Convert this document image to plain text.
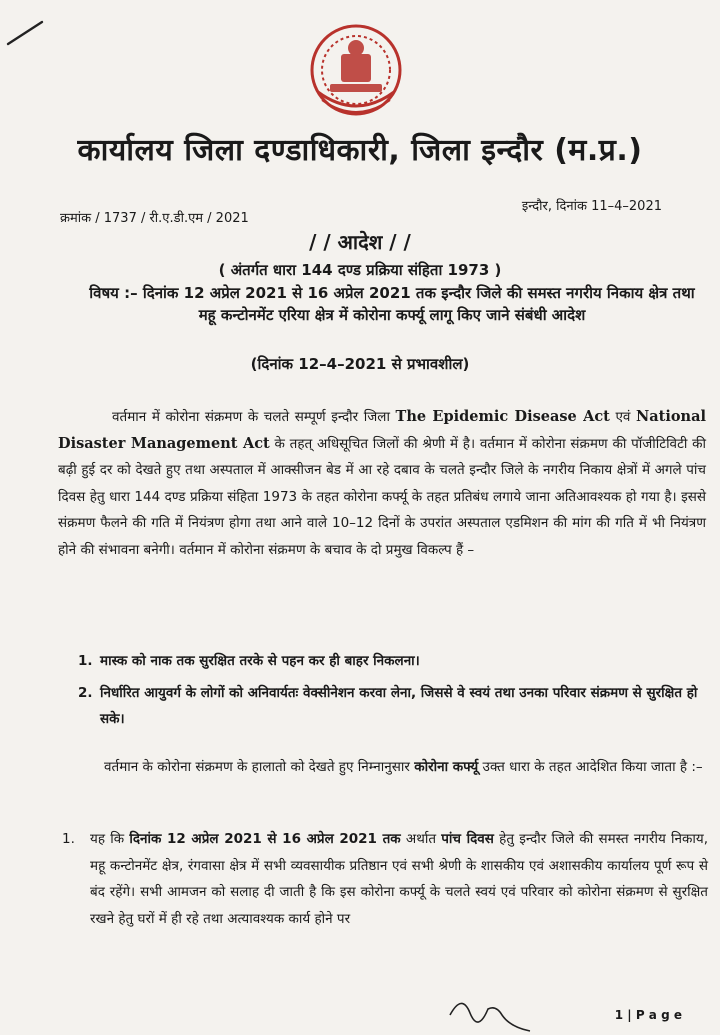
कार्यालय जिला दण्डाधिकारी, जिला इन्दौर (म.प्र.)
इन्दौर, दिनांक 11–4–2021
क्रमांक / 1737 / री.ए.डी.एम / 2021
/ / आदेश / /
( अंतर्गत धारा 144 दण्ड प्रक्रिया संहिता 1973 )
विषय :– दिनांक 12 अप्रेल 2021 से 16 अप्रेल 2021 तक इन्दौर जिले की समस्त नगरीय निकाय क्षेत्र तथा महू कन्टोनमेंट एरिया क्षेत्र में कोरोना कर्फ्यू लागू किए जाने संबंधी आदेश
(दिनांक 12–4–2021 से प्रभावशील)
वर्तमान में कोरोना संक्रमण के चलते सम्पूर्ण इन्दौर जिला The Epidemic Disease Act एवं National Disaster Management Act के तहत् अधिसूचित जिलों की श्रेणी में है। वर्तमान में कोरोना संक्रमण की पॉजीटिविटी की बढ़ी हुई दर को देखते हुए तथा अस्पताल में आक्सीजन बेड में आ रहे दबाव के चलते इन्दौर जिले के नगरीय निकाय क्षेत्रों में अगले पांच दिवस हेतु धारा 144 दण्ड प्रक्रिया संहिता 1973 के तहत कोरोना कर्फ्यू के तहत प्रतिबंध लगाये जाना अतिआवश्यक हो गया है। इससे संक्रमण फैलने की गति में नियंत्रण होगा तथा आने वाले 10–12 दिनों के उपरांत अस्पताल एडमिशन की मांग की गति में भी नियंत्रण होने की संभावना बनेगी। वर्तमान में कोरोना संक्रमण के बचाव के दो प्रमुख विकल्प हैं –
1. मास्क को नाक तक सुरक्षित तरके से पहन कर ही बाहर निकलना।
2. निर्धारित आयुवर्ग के लोगों को अनिवार्यतः वेक्सीनेशन करवा लेना, जिससे वे स्वयं तथा उनका परिवार संक्रमण से सुरक्षित हो सके।
वर्तमान के कोरोना संक्रमण के हालातो को देखते हुए निम्नानुसार कोरोना कर्फ्यू उक्त धारा के तहत आदेशित किया जाता है :–
1.	यह कि दिनांक 12 अप्रेल 2021 से 16 अप्रेल 2021 तक अर्थात पांच दिवस हेतु इन्दौर जिले की समस्त नगरीय निकाय, महू कन्टोनमेंट क्षेत्र, रंगवासा क्षेत्र में सभी व्यवसायीक प्रतिष्ठान एवं सभी श्रेणी के शासकीय एवं अशासकीय कार्यालय पूर्ण रूप से बंद रहेंगे। सभी आमजन को सलाह दी जाती है कि इस कोरोना कर्फ्यू के चलते स्वयं एवं परिवार को कोरोना संक्रमण से सुरक्षित रखने हेतु घरों में ही रहे तथा अत्यावश्यक कार्य होने पर
1 | P a g e
